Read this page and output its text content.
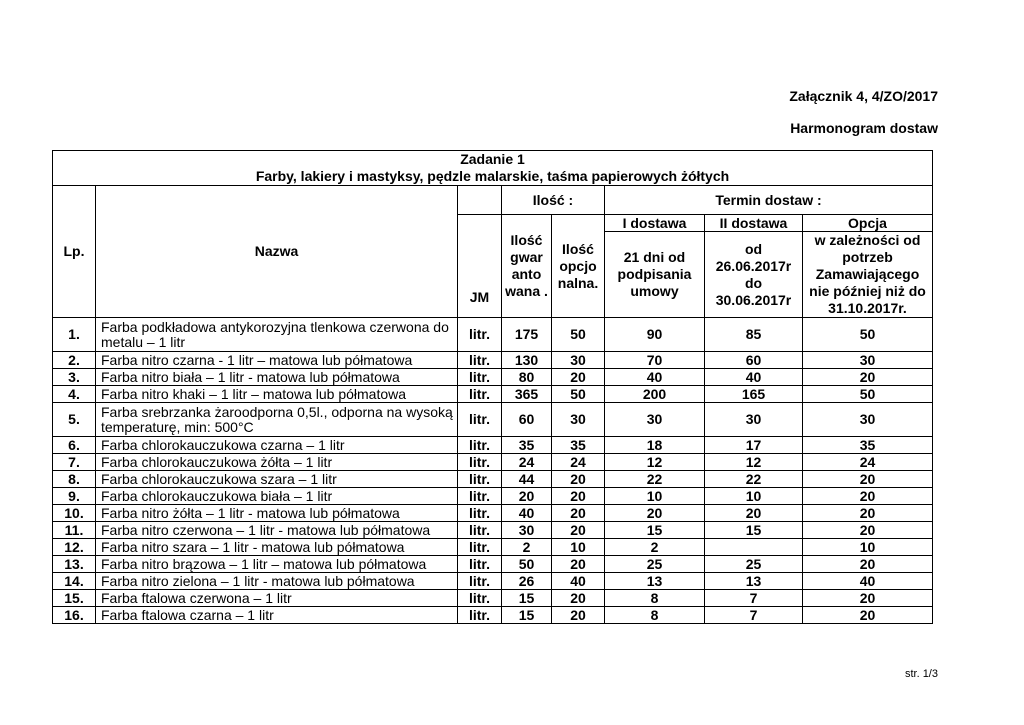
Załącznik 4, 4/ZO/2017
Harmonogram dostaw
Zadanie 1
Farby, lakiery i mastyksy, pędzle malarskie, taśma papierowych żółtych							

Lp.	Nazwa		Ilość :		Termin dostaw :		
		JM	Ilość gwar anto wana .	Ilość opcjo nalna.	I dostawa	II dostawa	Opcja
					21 dni od podpisania umowy	od 26.06.2017r do 30.06.2017r	w zależności od potrzeb Zamawiającego nie później niż do 31.10.2017r.
1.	Farba podkładowa antykorozyjna tlenkowa czerwona do metalu – 1 litr	litr.	175	50	90	85	50
2.	Farba nitro czarna - 1 litr – matowa lub półmatowa	litr.	130	30	70	60	30
3.	Farba nitro biała – 1 litr - matowa lub półmatowa	litr.	80	20	40	40	20
4.	Farba nitro khaki – 1 litr – matowa lub półmatowa	litr.	365	50	200	165	50
5.	Farba srebrzanka żaroodporna 0,5l., odporna na wysoką temperaturę, min: 500°C	litr.	60	30	30	30	30
6.	Farba chlorokauczukowa czarna – 1 litr	litr.	35	35	18	17	35
7.	Farba chlorokauczukowa żółta – 1 litr	litr.	24	24	12	12	24
8.	Farba chlorokauczukowa szara – 1 litr	litr.	44	20	22	22	20
9.	Farba chlorokauczukowa biała – 1 litr	litr.	20	20	10	10	20
10.	Farba nitro żółta – 1 litr - matowa lub półmatowa	litr.	40	20	20	20	20
11.	Farba nitro czerwona – 1 litr - matowa lub półmatowa	litr.	30	20	15	15	20
12.	Farba nitro szara – 1 litr - matowa lub półmatowa	litr.	2	10	2		10
13.	Farba nitro brązowa – 1 litr – matowa lub półmatowa	litr.	50	20	25	25	20
14.	Farba nitro zielona – 1 litr - matowa lub półmatowa	litr.	26	40	13	13	40
15.	Farba ftalowa czerwona – 1 litr	litr.	15	20	8	7	20
16.	Farba ftalowa czarna – 1 litr	litr.	15	20	8	7	20
str. 1/3
